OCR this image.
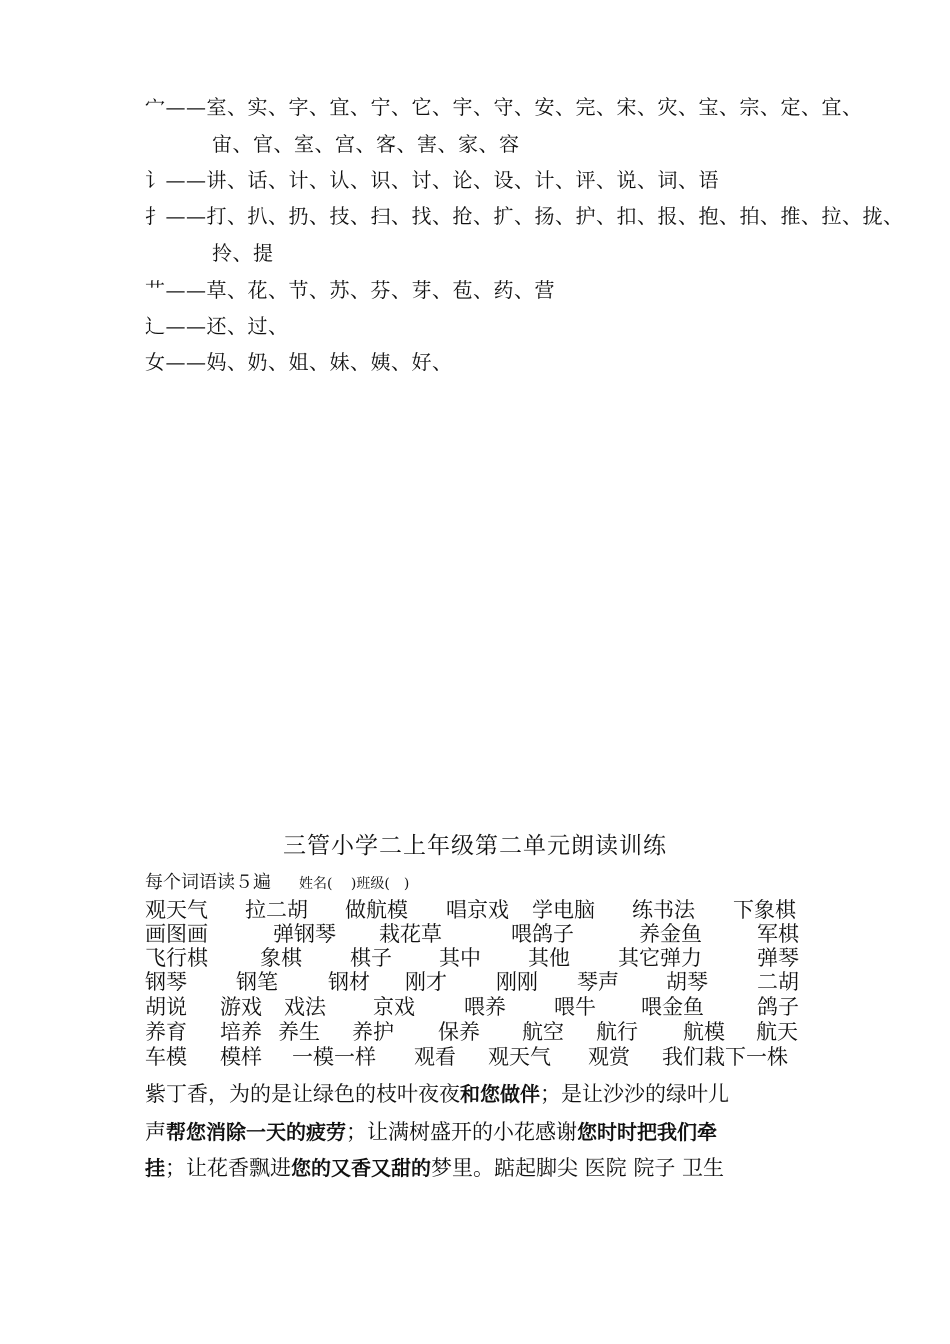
宀——室、实、字、宜、宁、它、宇、守、安、完、宋、灾、宝、宗、定、宜、
宙、官、室、宫、客、害、家、容
讠——讲、话、计、认、识、讨、论、设、计、评、说、词、语
扌——打、扒、扔、技、扫、找、抢、扩、扬、护、扣、报、抱、拍、推、拉、拢、
拎、提
艹——草、花、节、苏、芬、芽、苞、药、营
辶——还、过、
女——妈、奶、姐、妹、姨、好、
三管小学二上年级第二单元朗读训练
每个词语读５遍 姓名(　 )班级(　)
观天气 拉二胡 做航模 唱京戏 学电脑 练书法 下象棋
画图画	弹钢琴 栽花草	喂鸽子	养金鱼	军棋
飞行棋 象棋 棋子 其中 其他 其它弹力	弹琴
钢琴 钢笔 钢材 刚才 刚刚 琴声 胡琴 二胡
胡说 游戏 戏法 京戏 喂养 喂牛 喂金鱼	鸽子
养育 培养 养生 养护 保养 航空 航行 航模 航天
车模 模样 一模一样 观看 观天气 观赏 我们栽下一株
紫丁香，为的是让绿色的枝叶夜夜和您做伴；是让沙沙的绿叶儿
声帮您消除一天的疲劳；让满树盛开的小花感谢您时时把我们牵
挂；让花香飘进您的又香又甜的梦里。踮起脚尖 医院 院子 卫生
